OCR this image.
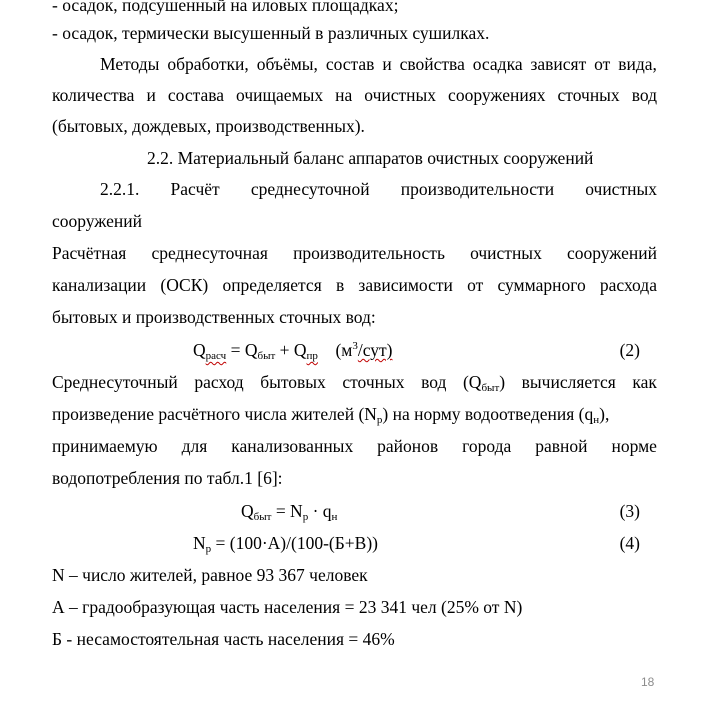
- осадок, подсушенный на иловых площадках;
- осадок, термически высушенный в различных сушилках.
Методы обработки, объёмы, состав и свойства осадка зависят от вида,
количества и состава очищаемых на очистных сооружениях сточных вод
(бытовых, дождевых, производственных).
2.2. Материальный баланс аппаратов очистных сооружений
2.2.1. Расчёт среднесуточной производительности очистных
сооружений
Расчётная среднесуточная производительность очистных сооружений
канализации (ОСК) определяется в зависимости от суммарного расхода
бытовых и производственных сточных вод:
$Q_{расч} = Q_{быт} + Q_{пр}$ $(м^3/сут)$	(2)
Среднесуточный расход бытовых сточных вод $(Q_{быт})$ вычисляется как
произведение расчётного числа жителей $(N_р)$ на норму водоотведения $(q_н)$,
принимаемую для канализованных районов города равной норме
водопотребления по табл.1 [6]:
$Q_{быт} = N_р \cdot q_н$	(3)
$N_р = (100\cdot А)/(100-(Б+В))$	(4)
N – число жителей, равное 93 367 человек
А – градообразующая часть населения = 23 341 чел (25% от N)
Б - несамостоятельная часть населения = 46%
18
